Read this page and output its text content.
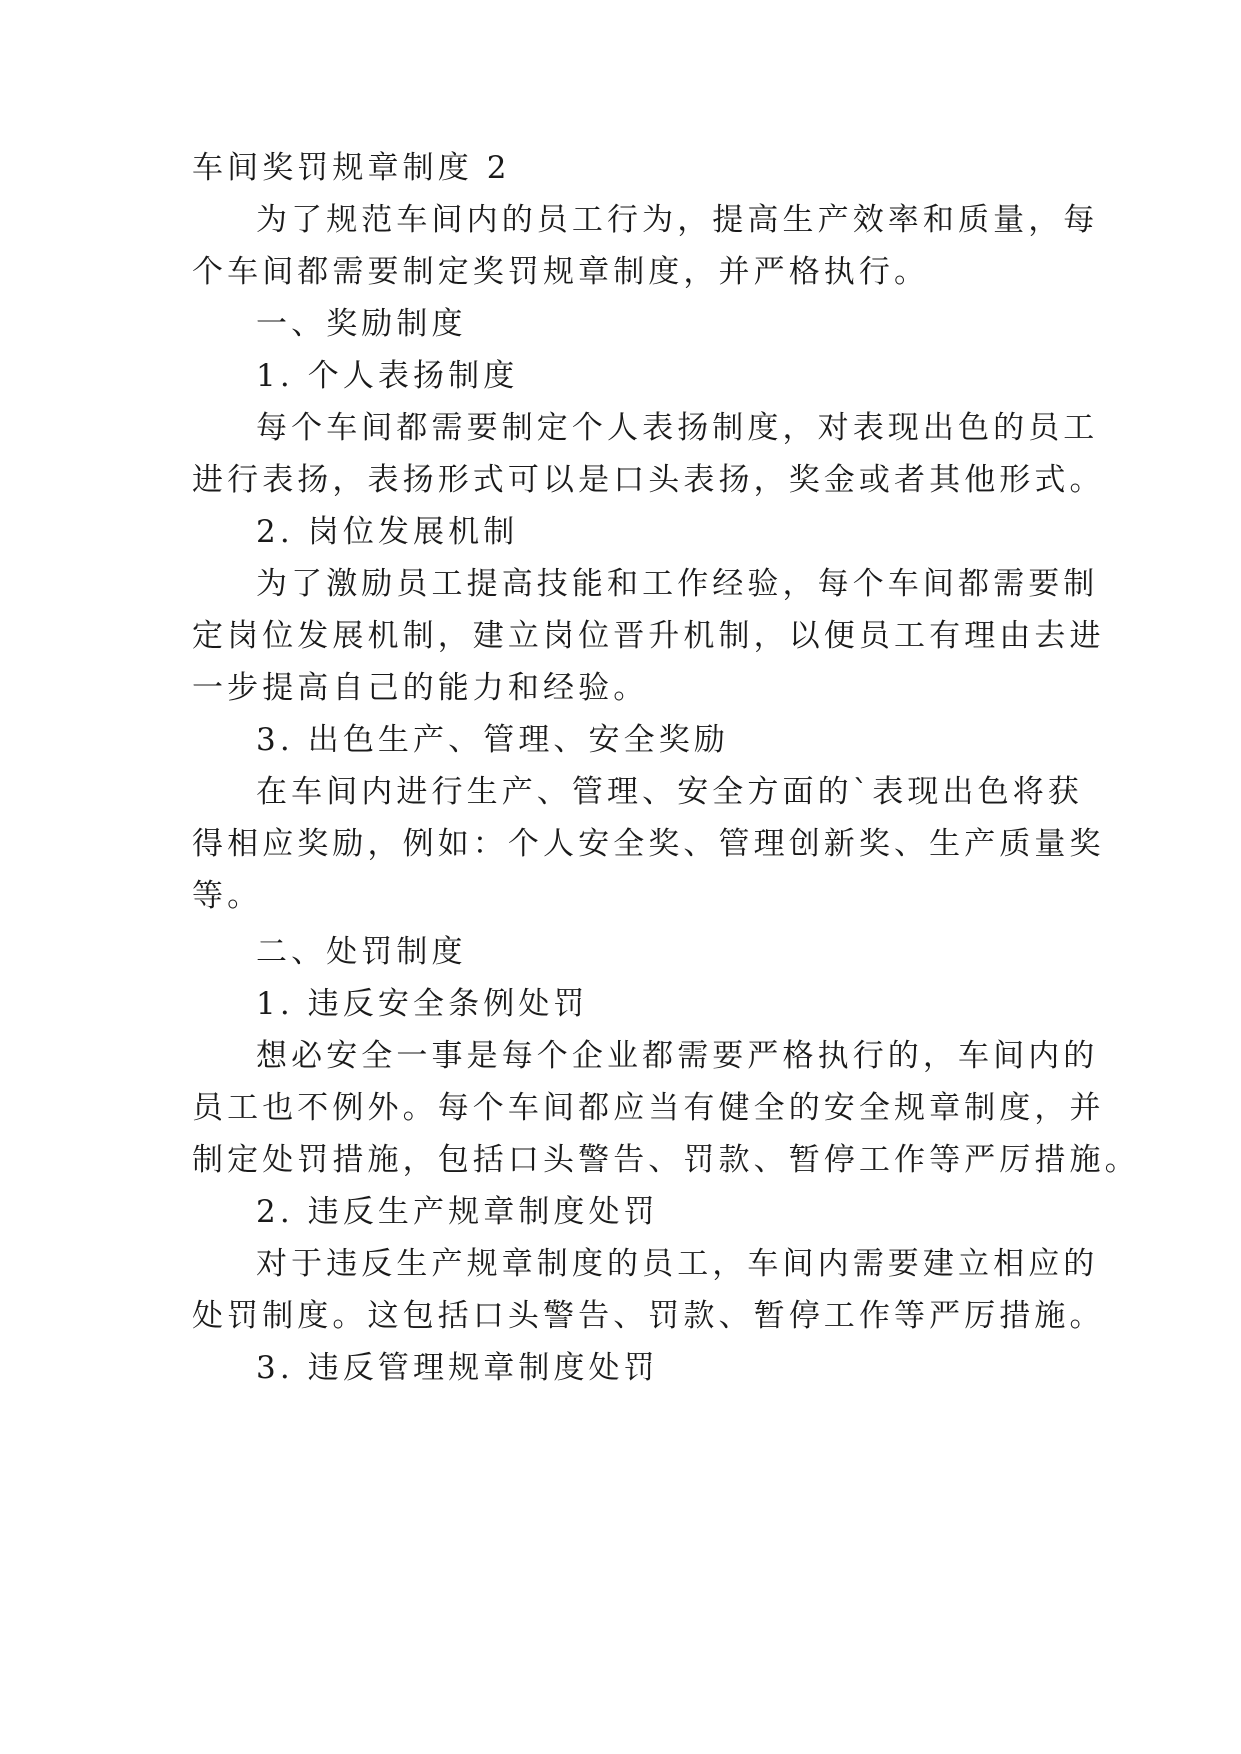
车间奖罚规章制度 2
为了规范车间内的员工行为，提高生产效率和质量，每
个车间都需要制定奖罚规章制度，并严格执行。
一、奖励制度
1. 个人表扬制度
每个车间都需要制定个人表扬制度，对表现出色的员工
进行表扬，表扬形式可以是口头表扬，奖金或者其他形式。
2. 岗位发展机制
为了激励员工提高技能和工作经验，每个车间都需要制
定岗位发展机制，建立岗位晋升机制，以便员工有理由去进
一步提高自己的能力和经验。
3. 出色生产、管理、安全奖励
在车间内进行生产、管理、安全方面的`表现出色将获
得相应奖励，例如：个人安全奖、管理创新奖、生产质量奖
等。
二、处罚制度
1. 违反安全条例处罚
想必安全一事是每个企业都需要严格执行的，车间内的
员工也不例外。每个车间都应当有健全的安全规章制度，并
制定处罚措施，包括口头警告、罚款、暂停工作等严厉措施。
2. 违反生产规章制度处罚
对于违反生产规章制度的员工，车间内需要建立相应的
处罚制度。这包括口头警告、罚款、暂停工作等严厉措施。
3. 违反管理规章制度处罚
